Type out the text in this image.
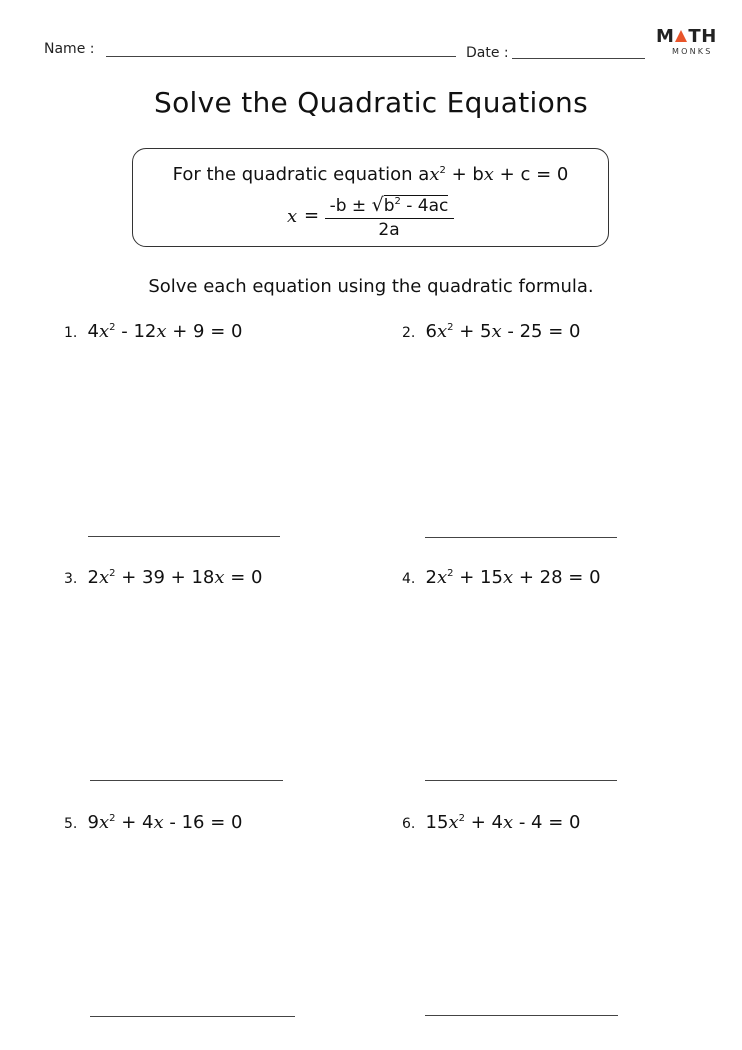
Name :	Date :
M TH
MONKS
Solve the Quadratic Equations
For the quadratic equation $ax^2$ + bx + c = 0
$x = -b \pm √b^2 - 4ac$
2a
Solve each equation using the quadratic formula.
1. $4x^2 - 12x + 9 = 0$	2. $6x^2 + 5x - 25 = 0$
3. $2x^2 + 39 + 18x = 0$	4. $2x^2 + 15x + 28 = 0$
5. $9x^2 + 4x - 16 = 0$	6. $15x^2 + 4x - 4 = 0$
